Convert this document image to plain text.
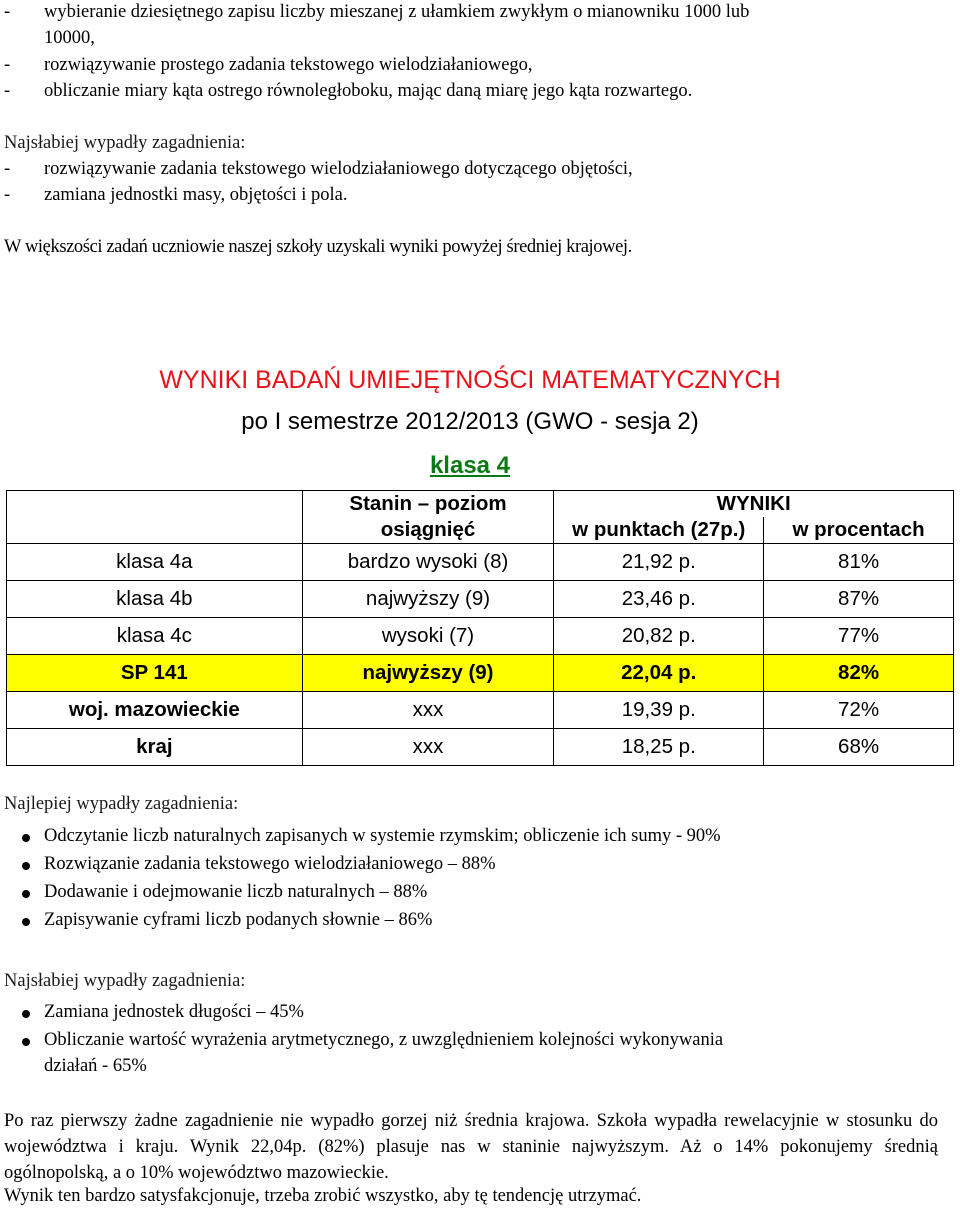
- wybieranie dziesiętnego zapisu liczby mieszanej z ułamkiem zwykłym o mianowniku 1000 lub
10000,
- rozwiązywanie prostego zadania tekstowego wielodziałaniowego,
- obliczanie miary kąta ostrego równoległoboku, mając daną miarę jego kąta rozwartego.
Najsłabiej wypadły zagadnienia:
- rozwiązywanie zadania tekstowego wielodziałaniowego dotyczącego objętości,
- zamiana jednostki masy, objętości i pola.
W większości zadań uczniowie naszej szkoły uzyskali wyniki powyżej średniej krajowej.
WYNIKI BADAŃ UMIEJĘTNOŚCI MATEMATYCZNYCH
po I semestrze 2012/2013 (GWO - sesja 2)
klasa 4
	Stanin – poziom	WYNIKI	
	osiągnięć	w punktach (27p.)	w procentach
klasa 4a	bardzo wysoki (8)	21,92 p.	81%
klasa 4b	najwyższy (9)	23,46 p.	87%
klasa 4c	wysoki (7)	20,82 p.	77%
SP 141	najwyższy (9)	22,04 p.	82%
woj. mazowieckie	xxx	19,39 p.	72%
kraj	xxx	18,25 p.	68%
Najlepiej wypadły zagadnienia:
Odczytanie liczb naturalnych zapisanych w systemie rzymskim; obliczenie ich sumy - 90%
Rozwiązanie zadania tekstowego wielodziałaniowego – 88%
Dodawanie i odejmowanie liczb naturalnych – 88%
Zapisywanie cyframi liczb podanych słownie – 86%
Najsłabiej wypadły zagadnienia:
Zamiana jednostek długości – 45%
Obliczanie wartość wyrażenia arytmetycznego, z uwzględnieniem kolejności wykonywania
działań - 65%
Po raz pierwszy żadne zagadnienie nie wypadło gorzej niż średnia krajowa. Szkoła wypadła rewelacyjnie w stosunku do województwa i kraju. Wynik 22,04p. (82%) plasuje nas w staninie najwyższym. Aż o 14% pokonujemy średnią ogólnopolską, a o 10% województwo mazowieckie.
Wynik ten bardzo satysfakcjonuje, trzeba zrobić wszystko, aby tę tendencję utrzymać.
